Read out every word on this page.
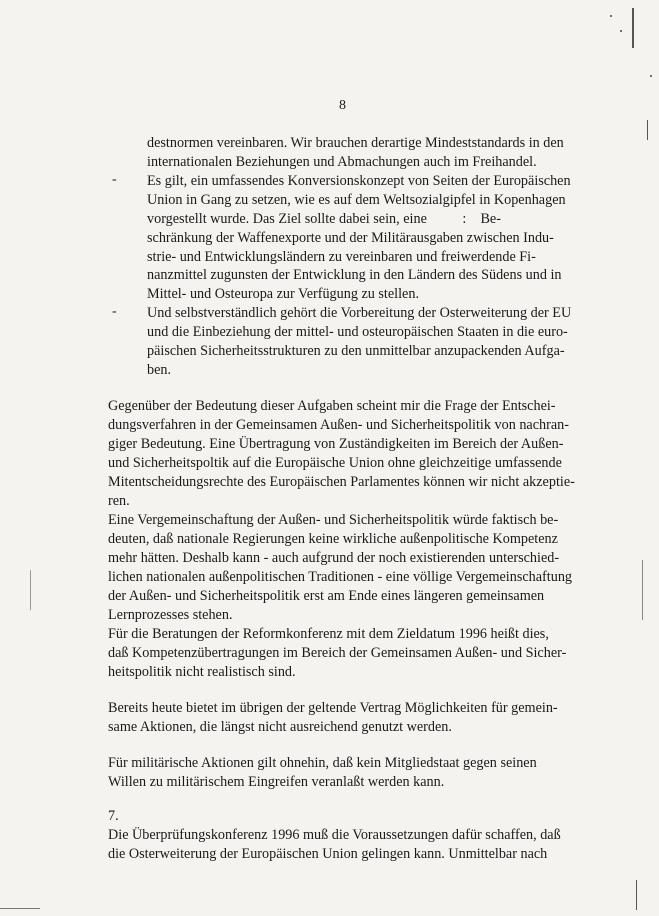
8
destnormen vereinbaren. Wir brauchen derartige Mindeststandards in den
internationalen Beziehungen und Abmachungen auch im Freihandel.
- Es gilt, ein umfassendes Konversionskonzept von Seiten der Europäischen
Union in Gang zu setzen, wie es auf dem Weltsozialgipfel in Kopenhagen
vorgestellt wurde. Das Ziel sollte dabei sein, eine          :    Be-
schränkung der Waffenexporte und der Militärausgaben zwischen Indu-
strie- und Entwicklungsländern zu vereinbaren und freiwerdende Fi-
nanzmittel zugunsten der Entwicklung in den Ländern des Südens und in
Mittel- und Osteuropa zur Verfügung zu stellen.
- Und selbstverständlich gehört die Vorbereitung der Osterweiterung der EU
und die Einbeziehung der mittel- und osteuropäischen Staaten in die euro-
päischen Sicherheitsstrukturen zu den unmittelbar anzupackenden Aufga-
ben.
Gegenüber der Bedeutung dieser Aufgaben scheint mir die Frage der Entschei-
dungsverfahren in der Gemeinsamen Außen- und Sicherheitspolitik von nachran-
giger Bedeutung. Eine Übertragung von Zuständigkeiten im Bereich der Außen-
und Sicherheitspoltik auf die Europäische Union ohne gleichzeitige umfassende
Mitentscheidungsrechte des Europäischen Parlamentes können wir nicht akzeptie-
ren.
Eine Vergemeinschaftung der Außen- und Sicherheitspolitik würde faktisch be-
deuten, daß nationale Regierungen keine wirkliche außenpolitische Kompetenz
mehr hätten. Deshalb kann - auch aufgrund der noch existierenden unterschied-
lichen nationalen außenpolitischen Traditionen - eine völlige Vergemeinschaftung
der Außen- und Sicherheitspolitik erst am Ende eines längeren gemeinsamen
Lernprozesses stehen.
Für die Beratungen der Reformkonferenz mit dem Zieldatum 1996 heißt dies,
daß Kompetenzübertragungen im Bereich der Gemeinsamen Außen- und Sicher-
heitspolitik nicht realistisch sind.
Bereits heute bietet im übrigen der geltende Vertrag Möglichkeiten für gemein-
same Aktionen, die längst nicht ausreichend genutzt werden.
Für militärische Aktionen gilt ohnehin, daß kein Mitgliedstaat gegen seinen
Willen zu militärischem Eingreifen veranlaßt werden kann.
7.
Die Überprüfungskonferenz 1996 muß die Voraussetzungen dafür schaffen, daß
die Osterweiterung der Europäischen Union gelingen kann. Unmittelbar nach
